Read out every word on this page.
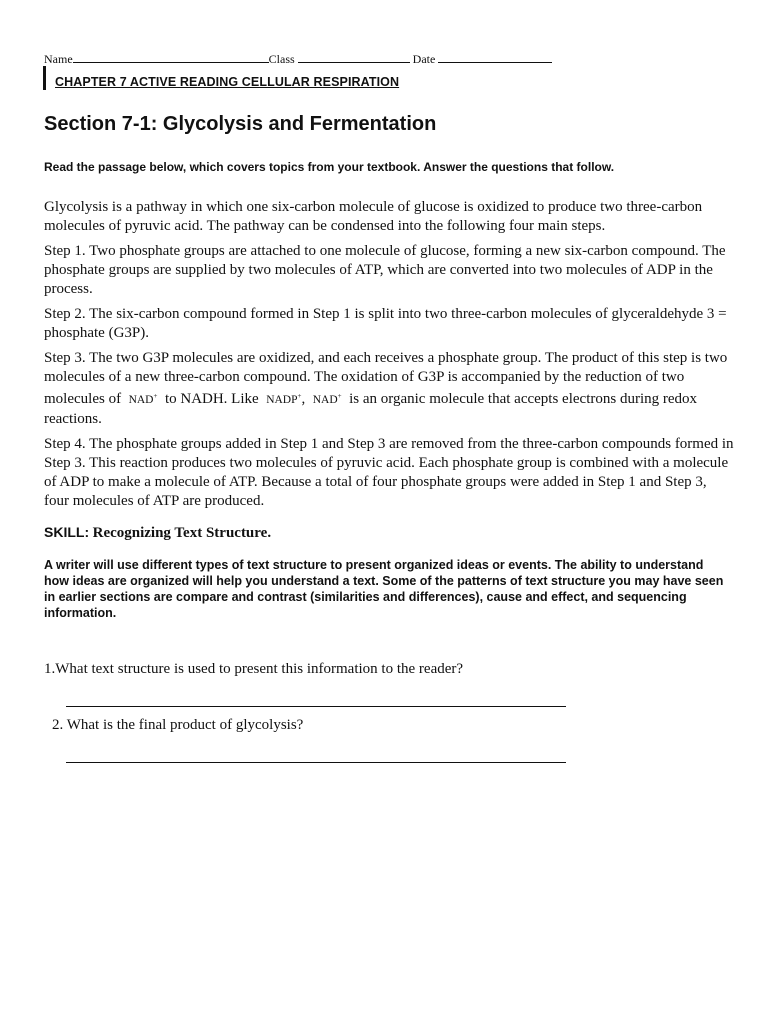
Name	Class	Date
CHAPTER 7 ACTIVE READING CELLULAR RESPIRATION
Section 7-1: Glycolysis and Fermentation
Read the passage below, which covers topics from your textbook. Answer the questions that follow.

Glycolysis is a pathway in which one six-carbon molecule of glucose is oxidized to produce two three-carbon molecules of pyruvic acid. The pathway can be condensed into the following four main steps.

Step 1. Two phosphate groups are attached to one molecule of glucose, forming a new six-carbon compound. The phosphate groups are supplied by two molecules of ATP, which are converted into two molecules of ADP in the process.

Step 2. The six-carbon compound formed in Step 1 is split into two three-carbon molecules of glyceraldehyde 3 = phosphate (G3P).

Step 3. The two G3P molecules are oxidized, and each receives a phosphate group. The product of this step is two molecules of a new three-carbon compound. The oxidation of G3P is accompanied by the reduction of two molecules of NAD+ to NADH. Like NADP+,  NAD+ is an organic molecule that accepts electrons during redox reactions.

Step 4. The phosphate groups added in Step 1 and Step 3 are removed from the three-carbon compounds formed in Step 3. This reaction produces two molecules of pyruvic acid. Each phosphate group is combined with a molecule of ADP to make a molecule of ATP. Because a total of four phosphate groups were added in Step 1 and Step 3, four molecules of ATP are produced.

SKILL: Recognizing Text Structure.
A writer will use different types of text structure to present organized ideas or events. The ability to understand how ideas are organized will help you understand a text. Some of the patterns of text structure you may have seen in earlier sections are compare and contrast (similarities and differences), cause and effect, and sequencing information.
1.What text structure is used to present this information to the reader?
2. What is the final product of glycolysis?
